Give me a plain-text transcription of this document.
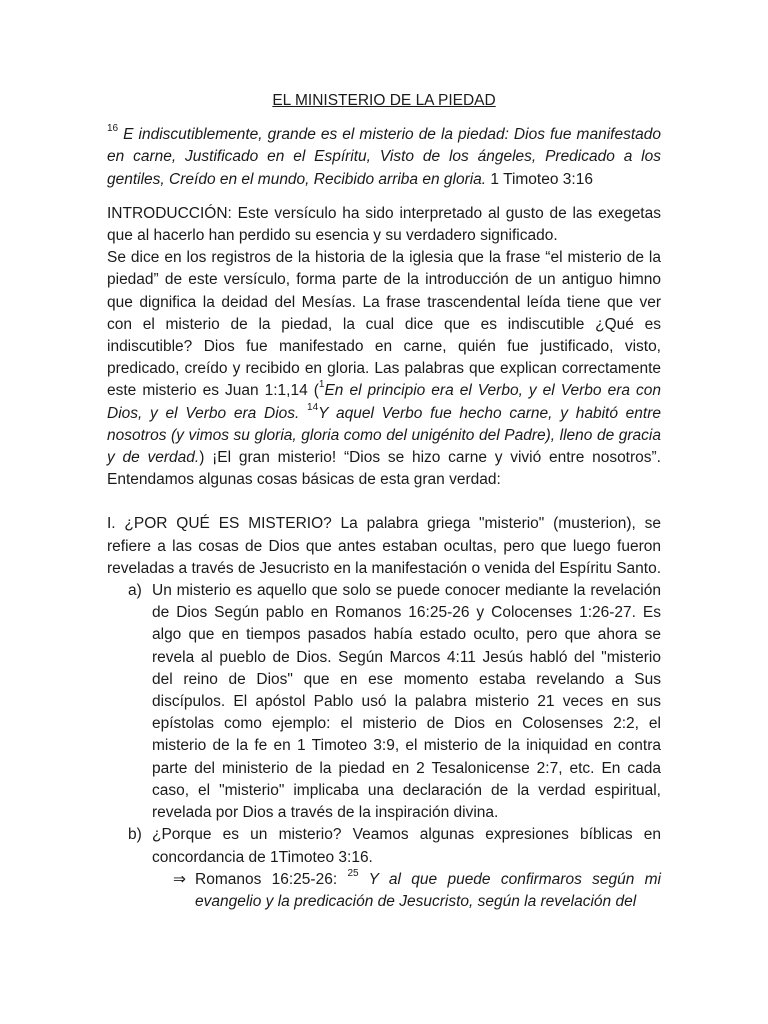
EL MINISTERIO DE LA PIEDAD

$^{16}$ E indiscutiblemente, grande es el misterio de la piedad: Dios fue manifestado en carne, Justificado en el Espíritu, Visto de los ángeles, Predicado a los gentiles, Creído en el mundo, Recibido arriba en gloria. 1 Timoteo 3:16

INTRODUCCIÓN: Este versículo ha sido interpretado al gusto de las exegetas que al hacerlo han perdido su esencia y su verdadero significado.

Se dice en los registros de la historia de la iglesia que la frase “el misterio de la piedad” de este versículo, forma parte de la introducción de un antiguo himno que dignifica la deidad del Mesías. La frase trascendental leída tiene que ver con el misterio de la piedad, la cual dice que es indiscutible ¿Qué es indiscutible? Dios fue manifestado en carne, quién fue justificado, visto, predicado, creído y recibido en gloria. Las palabras que explican correctamente este misterio es Juan 1:1,14 ($^1$En el principio era el Verbo, y el Verbo era con Dios, y el Verbo era Dios. $^{14}$Y aquel Verbo fue hecho carne, y habitó entre nosotros (y vimos su gloria, gloria como del unigénito del Padre), lleno de gracia y de verdad.) ¡El gran misterio! “Dios se hizo carne y vivió entre nosotros”. Entendamos algunas cosas básicas de esta gran verdad:

I. ¿POR QUÉ ES MISTERIO? La palabra griega "misterio" (musterion), se refiere a las cosas de Dios que antes estaban ocultas, pero que luego fueron reveladas a través de Jesucristo en la manifestación o venida del Espíritu Santo.

a) Un misterio es aquello que solo se puede conocer mediante la revelación de Dios Según pablo en Romanos 16:25-26 y Colocenses 1:26-27. Es algo que en tiempos pasados había estado oculto, pero que ahora se revela al pueblo de Dios. Según Marcos 4:11 Jesús habló del "misterio del reino de Dios" que en ese momento estaba revelando a Sus discípulos. El apóstol Pablo usó la palabra misterio 21 veces en sus epístolas como ejemplo: el misterio de Dios en Colosenses 2:2, el misterio de la fe en 1 Timoteo 3:9, el misterio de la iniquidad en contra parte del ministerio de la piedad en 2 Tesalonicense 2:7, etc. En cada caso, el "misterio" implicaba una declaración de la verdad espiritual, revelada por Dios a través de la inspiración divina.
b) ¿Porque es un misterio? Veamos algunas expresiones bíblicas en concordancia de 1Timoteo 3:16.
⇒ Romanos 16:25-26: $^{25}$ Y al que puede confirmaros según mi evangelio y la predicación de Jesucristo, según la revelación del
